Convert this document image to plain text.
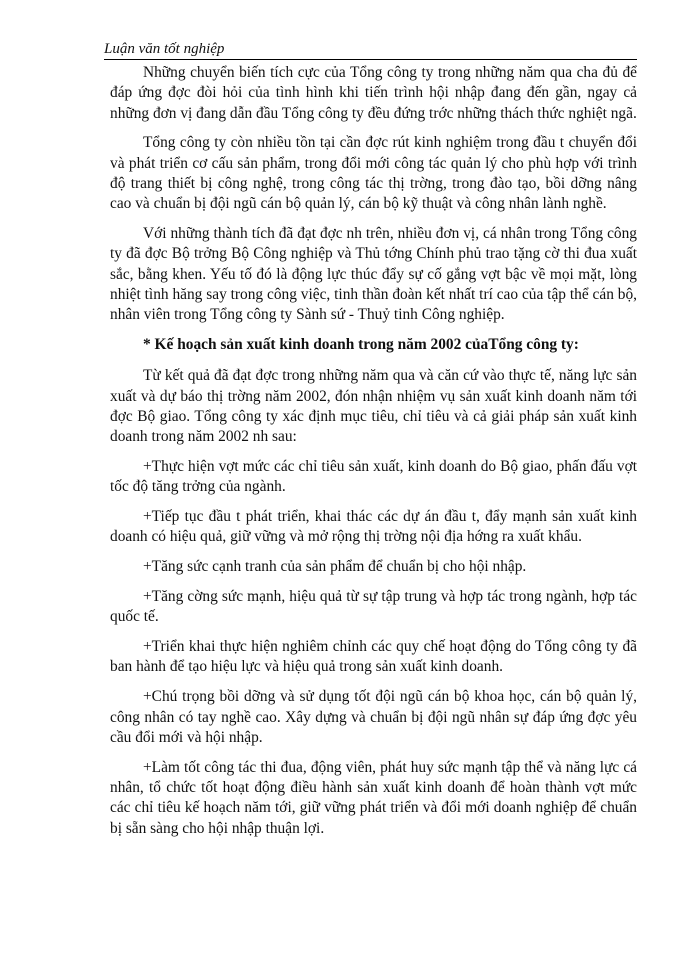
Luận văn tốt nghiệp

Những chuyển biến tích cực của Tổng công ty trong những năm qua cha đủ để đáp ứng đợc đòi hỏi của tình hình khi tiến trình hội nhập đang đến gần, ngay cả những đơn vị đang dẫn đầu Tổng công ty đều đứng trớc những thách thức nghiệt ngã.

Tổng công ty còn nhiều tồn tại cần đợc rút kinh nghiệm trong đầu t chuyển đổi và phát triển cơ cấu sản phẩm, trong đổi mới công tác quản lý cho phù hợp với trình độ trang thiết bị công nghệ, trong công tác thị trờng, trong đào tạo, bồi dỡng nâng cao và chuẩn bị đội ngũ cán bộ quản lý, cán bộ kỹ thuật và công nhân lành nghề.

Với những thành tích đã đạt đợc nh trên, nhiều đơn vị, cá nhân trong Tổng công ty đã đợc Bộ trởng Bộ Công nghiệp và Thủ tớng Chính phủ trao tặng cờ thi đua xuất sắc, bằng khen. Yếu tố đó là động lực thúc đẩy sự cố gắng vợt bậc về mọi mặt, lòng nhiệt tình hăng say trong công việc, tinh thần đoàn kết nhất trí cao của tập thể cán bộ, nhân viên trong Tổng công ty Sành sứ - Thuỷ tinh Công nghiệp.

* Kế hoạch sản xuất kinh doanh trong năm 2002 củaTổng công ty:

Từ kết quả đã đạt đợc trong những năm qua và căn cứ vào thực tế, năng lực sản xuất và dự báo thị trờng năm 2002, đón nhận nhiệm vụ sản xuất kinh doanh năm tới đợc Bộ giao. Tổng công ty xác định mục tiêu, chỉ tiêu và cả giải pháp sản xuất kinh doanh trong năm 2002 nh sau:

+Thực hiện vợt mức các chỉ tiêu sản xuất, kinh doanh do Bộ giao, phấn đấu vợt tốc độ tăng trởng của ngành.

+Tiếp tục đầu t phát triển, khai thác các dự án đầu t, đẩy mạnh sản xuất kinh doanh có hiệu quả, giữ vững và mở rộng thị trờng nội địa hớng ra xuất khẩu.

+Tăng sức cạnh tranh của sản phẩm để chuẩn bị cho hội nhập.

+Tăng cờng sức mạnh, hiệu quả từ sự tập trung và hợp tác trong ngành, hợp tác quốc tế.

+Triển khai thực hiện nghiêm chỉnh các quy chế hoạt động do Tổng công ty đã ban hành để tạo hiệu lực và hiệu quả trong sản xuất kinh doanh.

+Chú trọng bồi dỡng và sử dụng tốt đội ngũ cán bộ khoa học, cán bộ quản lý, công nhân có tay nghề cao. Xây dựng và chuẩn bị đội ngũ nhân sự đáp ứng đợc yêu cầu đổi mới và hội nhập.

+Làm tốt công tác thi đua, động viên, phát huy sức mạnh tập thể và năng lực cá nhân, tổ chức tốt hoạt động điều hành sản xuất kinh doanh để hoàn thành vợt mức các chỉ tiêu kế hoạch năm tới, giữ vững phát triển và đổi mới doanh nghiệp để chuẩn bị sẵn sàng cho hội nhập thuận lợi.
